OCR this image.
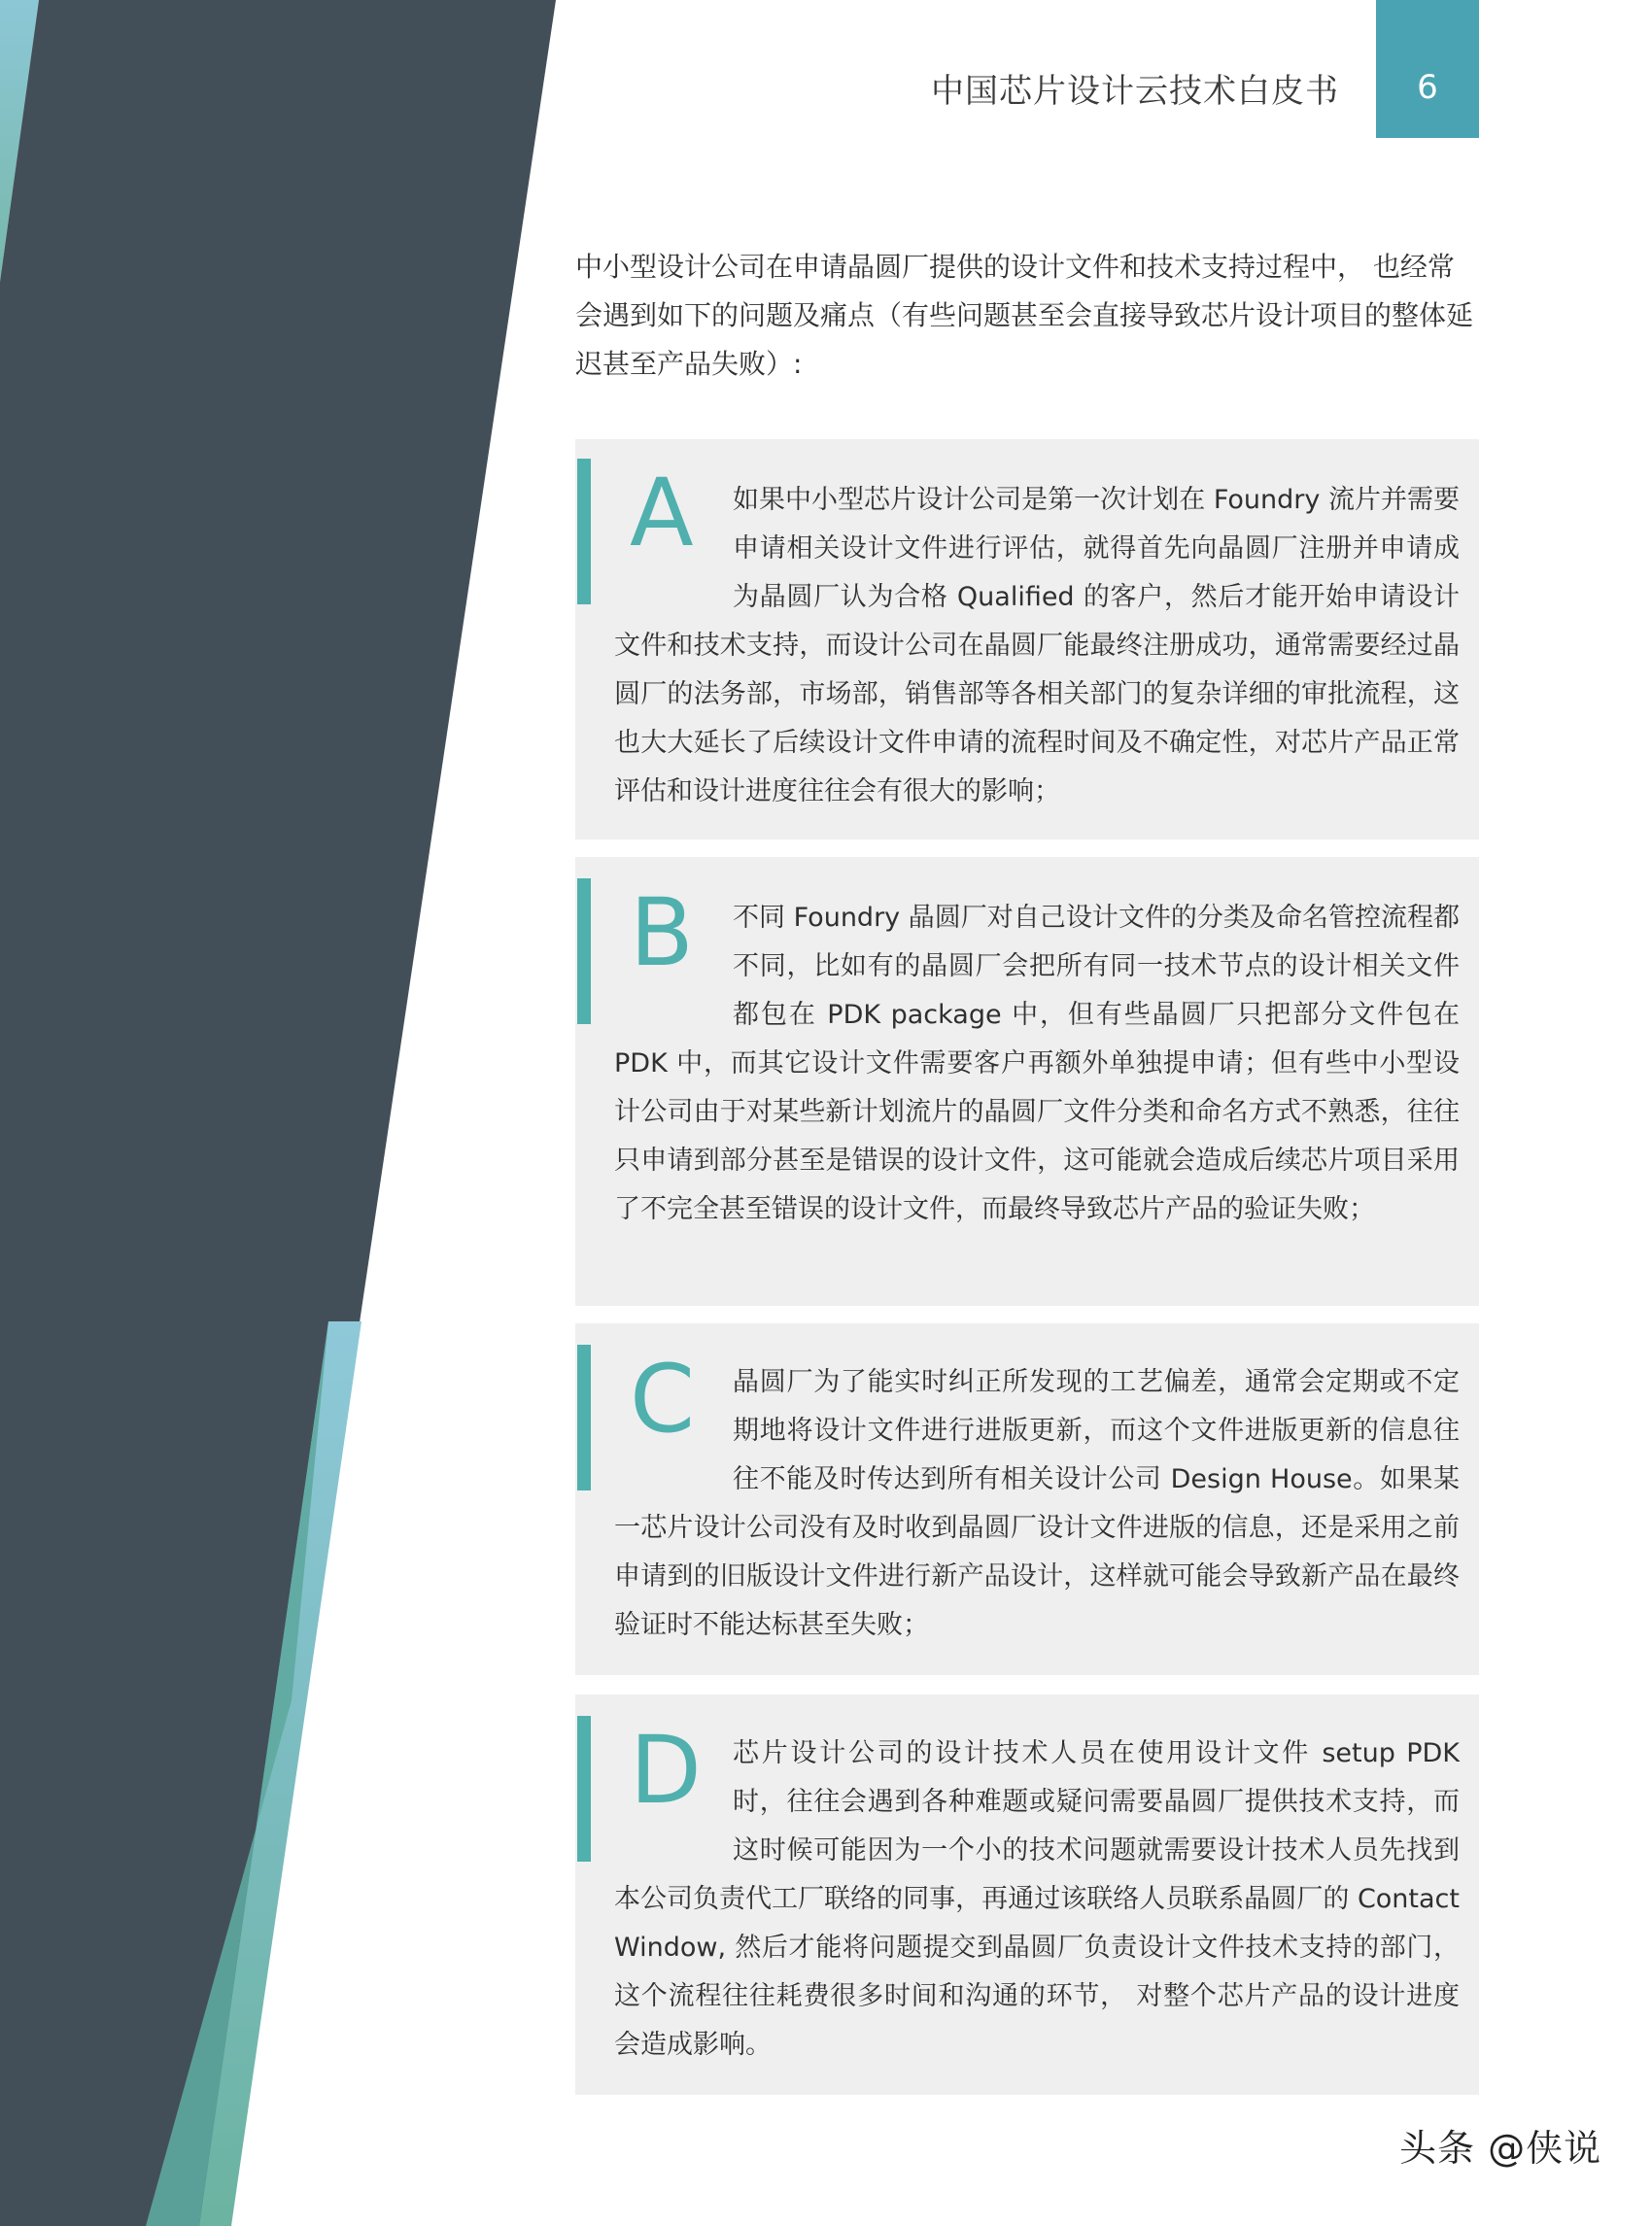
中国芯片设计云技术白皮书	6
中小型设计公司在申请晶圆厂提供的设计文件和技术支持过程中， 也经常会遇到如下的问题及痛点（有些问题甚至会直接导致芯片设计项目的整体延迟甚至产品失败）:
A	如果中小型芯片设计公司是第一次计划在 Foundry 流片并需要申请相关设计文件进行评估，就得首先向晶圆厂注册并申请成为晶圆厂认为合格 Qualified 的客户，然后才能开始申请设计文件和技术支持，而设计公司在晶圆厂能最终注册成功，通常需要经过晶圆厂的法务部，市场部，销售部等各相关部门的复杂详细的审批流程，这也大大延长了后续设计文件申请的流程时间及不确定性，对芯片产品正常评估和设计进度往往会有很大的影响；
B	不同 Foundry 晶圆厂对自己设计文件的分类及命名管控流程都不同，比如有的晶圆厂会把所有同一技术节点的设计相关文件都包在 PDK package 中，但有些晶圆厂只把部分文件包在 PDK 中，而其它设计文件需要客户再额外单独提申请；但有些中小型设计公司由于对某些新计划流片的晶圆厂文件分类和命名方式不熟悉，往往只申请到部分甚至是错误的设计文件，这可能就会造成后续芯片项目采用了不完全甚至错误的设计文件，而最终导致芯片产品的验证失败；
C	晶圆厂为了能实时纠正所发现的工艺偏差，通常会定期或不定期地将设计文件进行进版更新，而这个文件进版更新的信息往往不能及时传达到所有相关设计公司 Design House。如果某一芯片设计公司没有及时收到晶圆厂设计文件进版的信息，还是采用之前申请到的旧版设计文件进行新产品设计，这样就可能会导致新产品在最终验证时不能达标甚至失败；
D	芯片设计公司的设计技术人员在使用设计文件 setup PDK 时，往往会遇到各种难题或疑问需要晶圆厂提供技术支持，而这时候可能因为一个小的技术问题就需要设计技术人员先找到本公司负责代工厂联络的同事，再通过该联络人员联系晶圆厂的 Contact Window, 然后才能将问题提交到晶圆厂负责设计文件技术支持的部门，这个流程往往耗费很多时间和沟通的环节， 对整个芯片产品的设计进度会造成影响。
头条 @侠说
